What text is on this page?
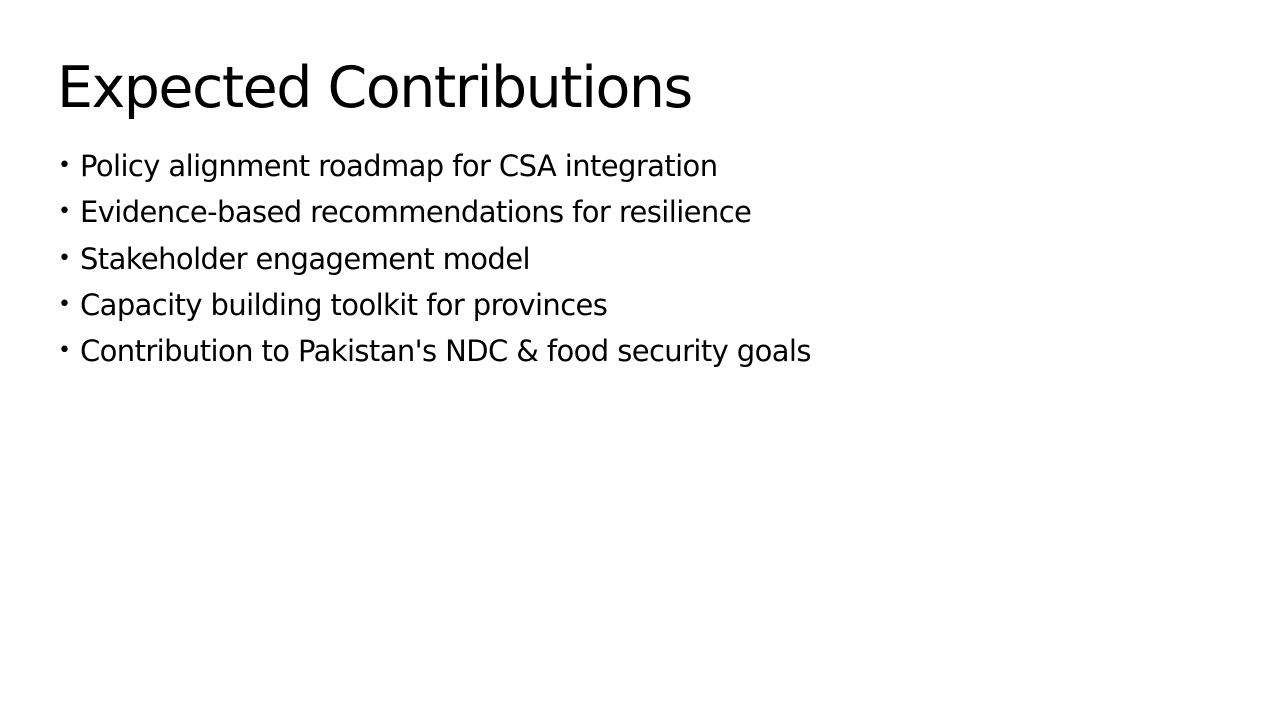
Expected Contributions
• Policy alignment roadmap for CSA integration
• Evidence-based recommendations for resilience
• Stakeholder engagement model
• Capacity building toolkit for provinces
• Contribution to Pakistan's NDC & food security goals
